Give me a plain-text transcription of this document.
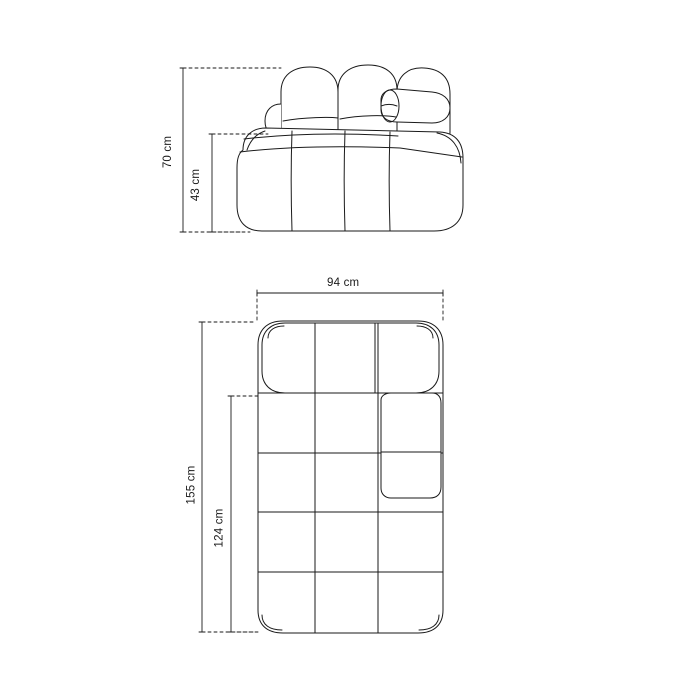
70 cm
43 cm
94 cm
155 cm
124 cm
